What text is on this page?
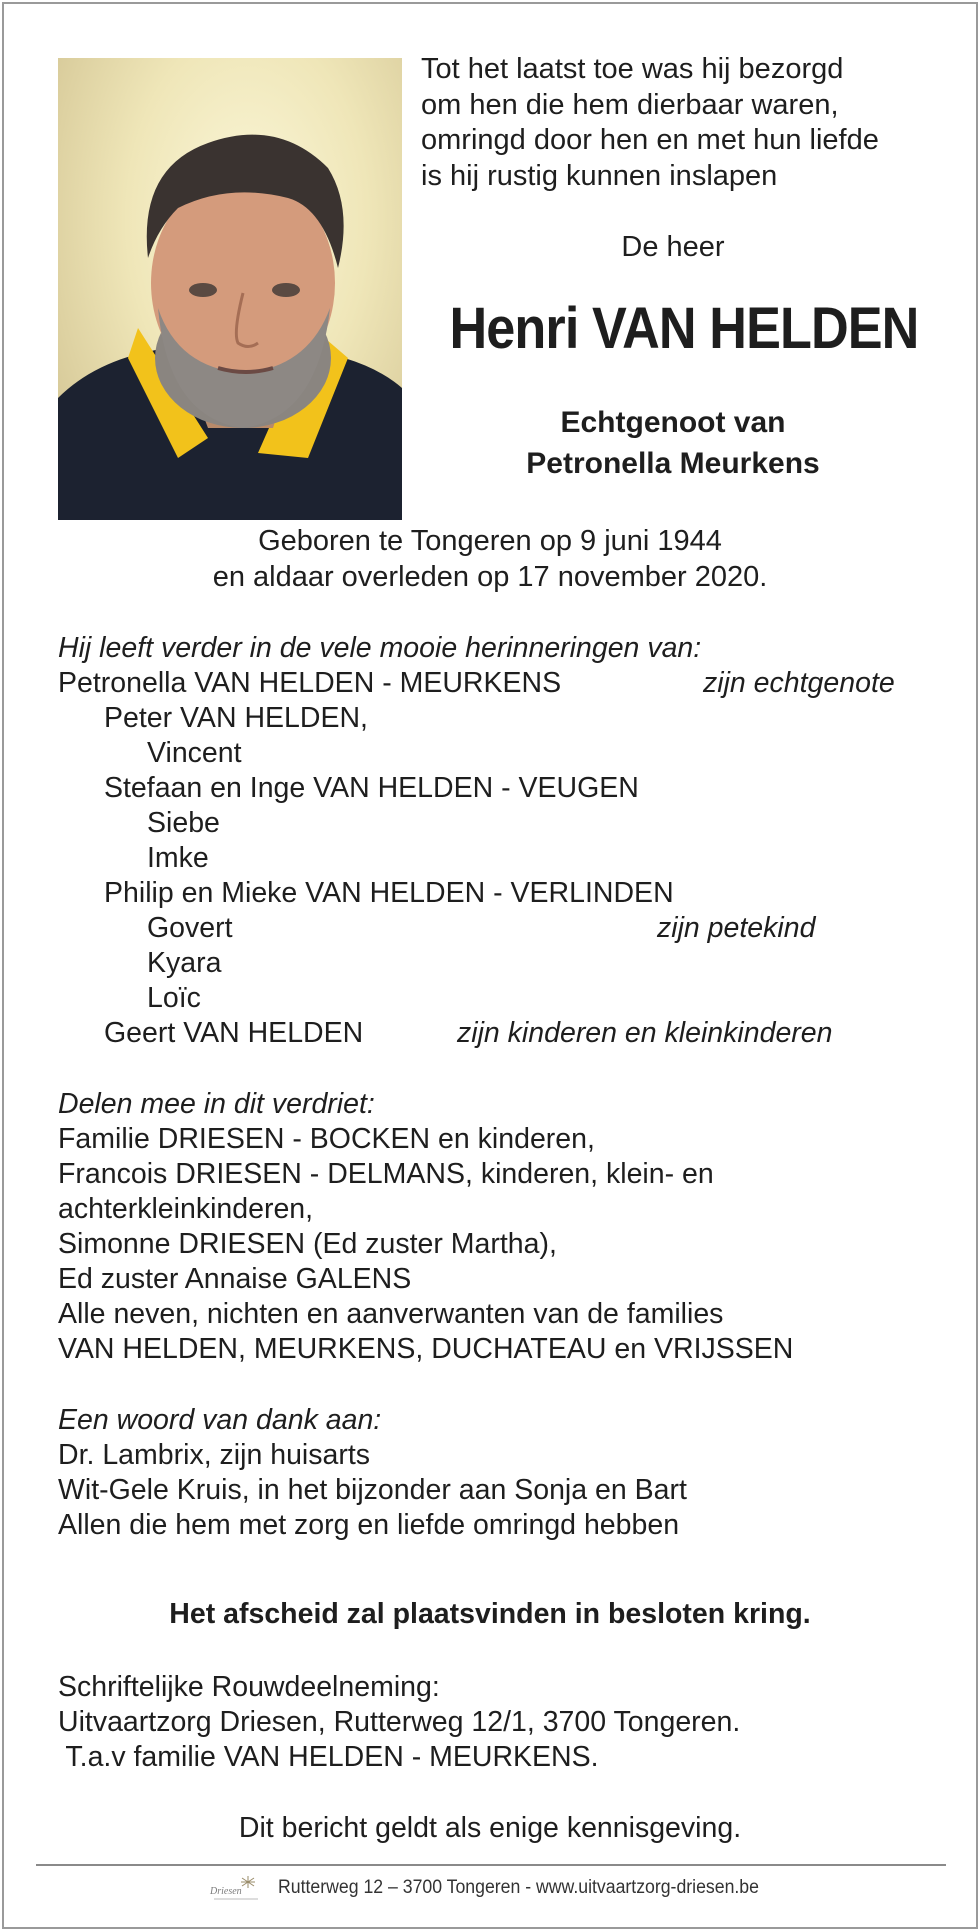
Tot het laatst toe was hij bezorgd
om hen die hem dierbaar waren,
omringd door hen en met hun liefde
is hij rustig kunnen inslapen
De heer
Henri VAN HELDEN
Echtgenoot van
Petronella Meurkens
Geboren te Tongeren op 9 juni 1944
en aldaar overleden op 17 november 2020.
Hij leeft verder in de vele mooie herinneringen van:
Petronella VAN HELDEN - MEURKENS	zijn echtgenote
Peter VAN HELDEN,
Vincent
Stefaan en Inge VAN HELDEN - VEUGEN
Siebe
Imke
Philip en Mieke VAN HELDEN - VERLINDEN
Govert	zijn petekind
Kyara
Loïc
Geert VAN HELDEN	zijn kinderen en kleinkinderen
Delen mee in dit verdriet:
Familie DRIESEN - BOCKEN en kinderen,
Francois DRIESEN - DELMANS, kinderen, klein- en
achterkleinkinderen,
Simonne DRIESEN (Ed zuster Martha),
Ed zuster Annaise GALENS
Alle neven, nichten en aanverwanten van de families
VAN HELDEN, MEURKENS, DUCHATEAU en VRIJSSEN
Een woord van dank aan:
Dr. Lambrix, zijn huisarts
Wit-Gele Kruis, in het bijzonder aan Sonja en Bart
Allen die hem met zorg en liefde omringd hebben
Het afscheid zal plaatsvinden in besloten kring.
Schriftelijke Rouwdeelneming:
Uitvaartzorg Driesen, Rutterweg 12/1, 3700 Tongeren.
T.a.v familie VAN HELDEN - MEURKENS.
Dit bericht geldt als enige kennisgeving.
Driesen Rutterweg 12 – 3700 Tongeren - www.uitvaartzorg-driesen.be
